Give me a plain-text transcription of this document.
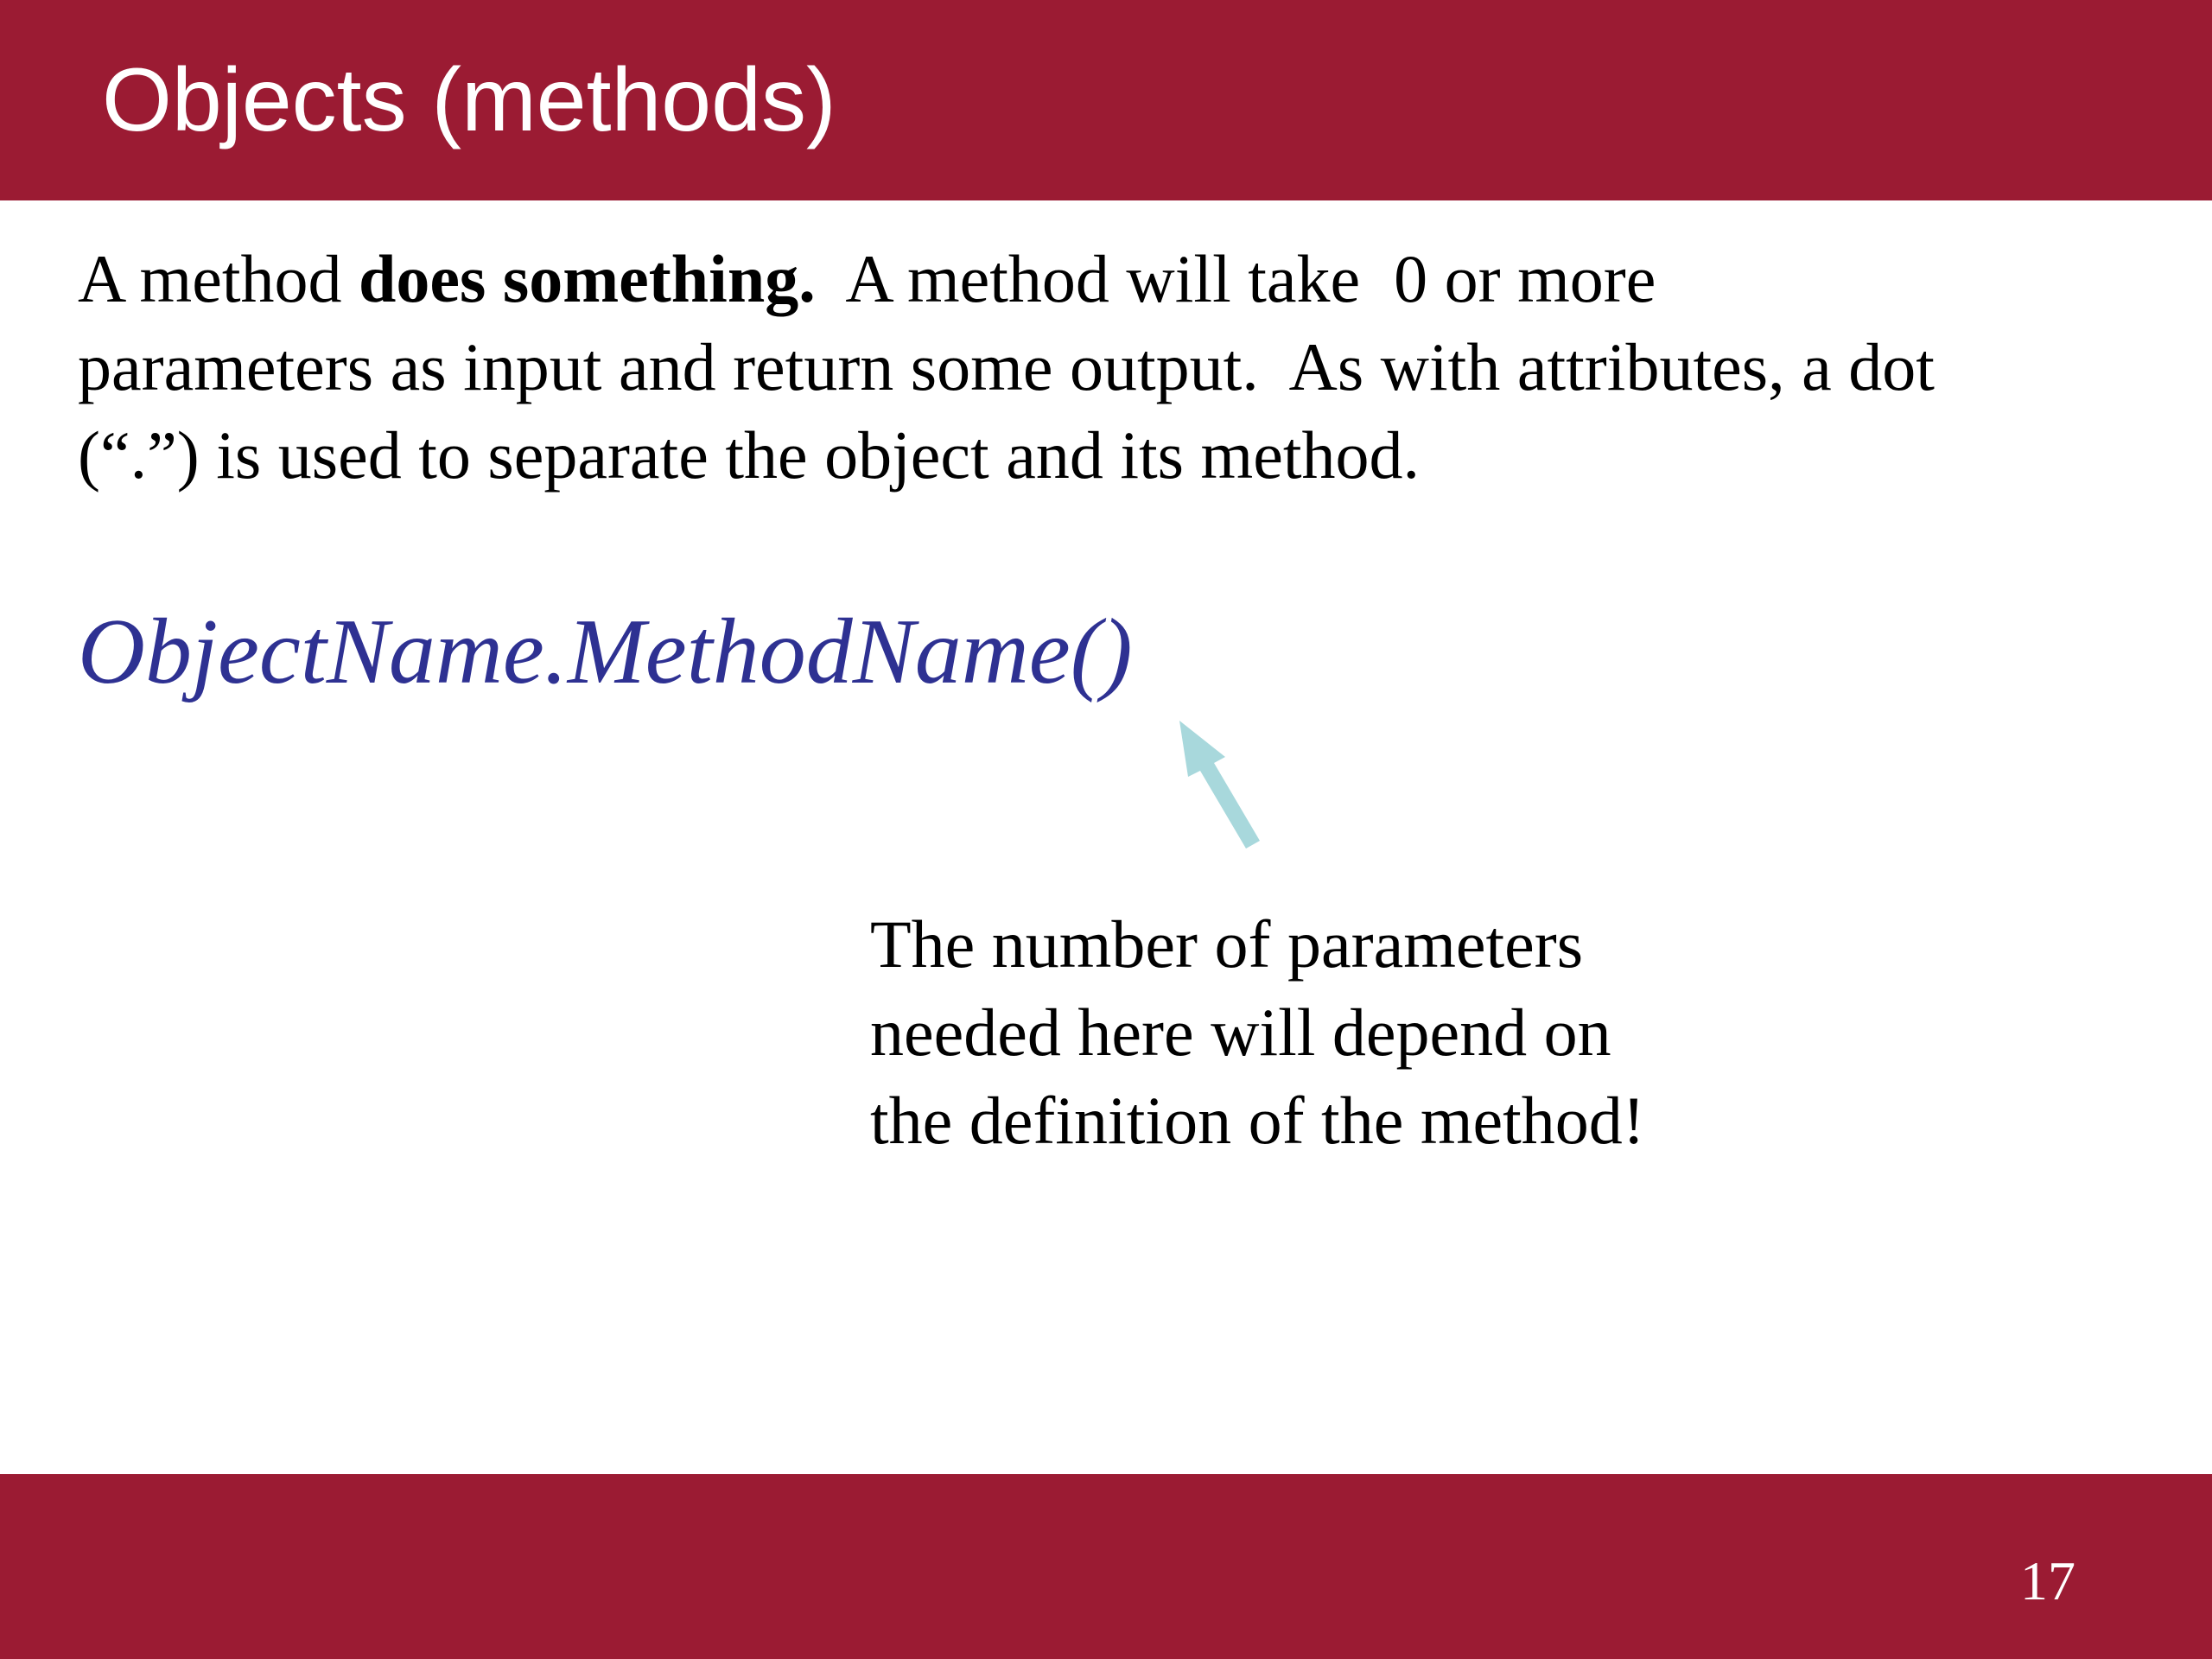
Objects (methods)
A method does something.  A method will take  0 or more
parameters as input and return some output.  As with attributes, a dot
(“.”) is used to separate the object and its method.
ObjectName.MethodName()
The number of parameters
needed here will depend on
the definition of the method!
17
